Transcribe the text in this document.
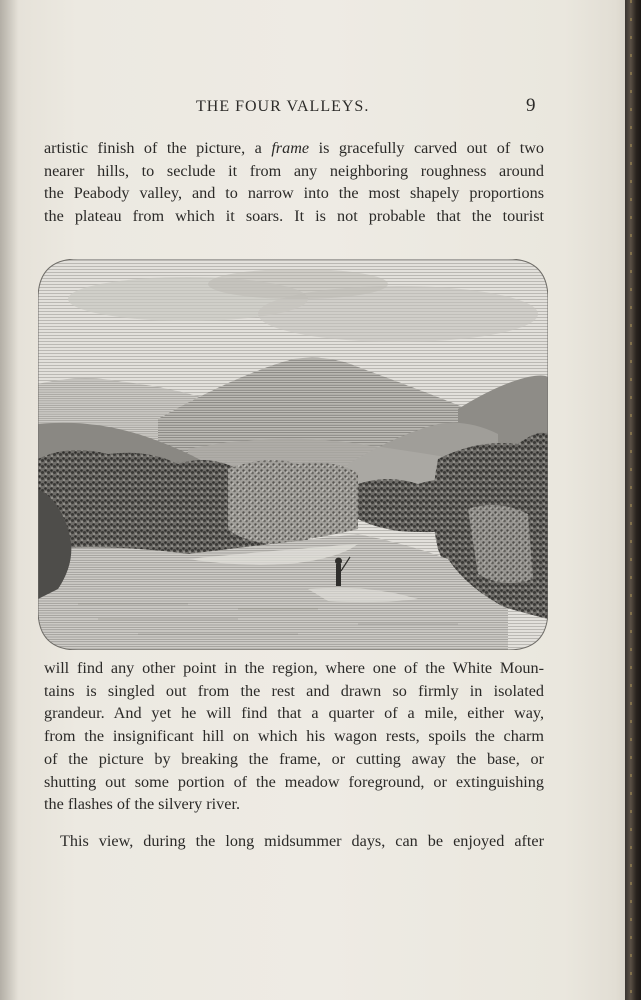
THE FOUR VALLEYS.	9
artistic finish of the picture, a frame is gracefully carved out of two
nearer hills, to seclude it from any neighboring roughness around
the Peabody valley, and to narrow into the most shapely proportions
the plateau from which it soars. It is not probable that the tourist
will find any other point in the region, where one of the White Moun-
tains is singled out from the rest and drawn so firmly in isolated
grandeur. And yet he will find that a quarter of a mile, either way,
from the insignificant hill on which his wagon rests, spoils the charm
of the picture by breaking the frame, or cutting away the base, or
shutting out some portion of the meadow foreground, or extinguishing
the flashes of the silvery river.
This view, during the long midsummer days, can be enjoyed after
